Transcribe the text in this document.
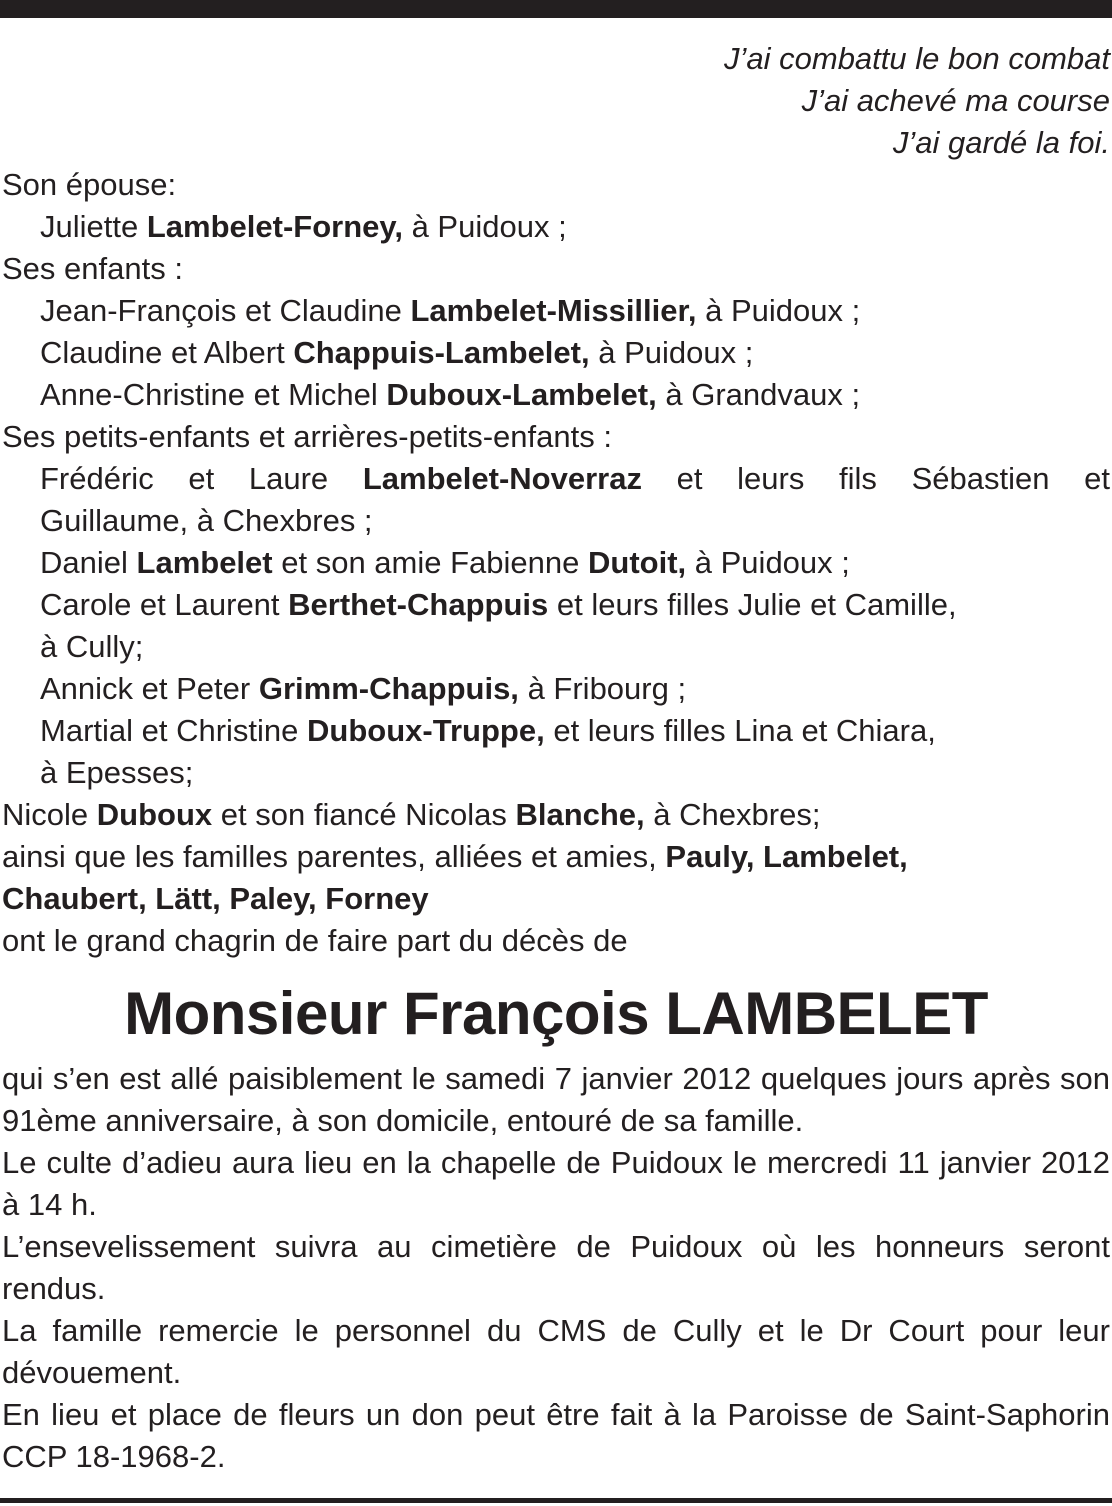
J’ai combattu le bon combat

J’ai achevé ma course

J’ai gardé la foi.

Son épouse:

Juliette Lambelet-Forney, à Puidoux ;

Ses enfants :

Jean-François et Claudine Lambelet-Missillier, à Puidoux ;

Claudine et Albert Chappuis-Lambelet, à Puidoux ;

Anne-Christine et Michel Duboux-Lambelet, à Grandvaux ;

Ses petits-enfants et arrières-petits-enfants :

Frédéric et Laure Lambelet-Noverraz et leurs fils Sébastien et

Guillaume, à Chexbres ;

Daniel Lambelet et son amie Fabienne Dutoit, à Puidoux ;

Carole et Laurent Berthet-Chappuis et leurs filles Julie et Camille,

à Cully;

Annick et Peter Grimm-Chappuis, à Fribourg ;

Martial et Christine Duboux-Truppe, et leurs filles Lina et Chiara,

à Epesses;

Nicole Duboux et son fiancé Nicolas Blanche, à Chexbres;

ainsi que les familles parentes, alliées et amies, Pauly, Lambelet,

Chaubert, Lätt, Paley, Forney

ont le grand chagrin de faire part du décès de

Monsieur François LAMBELET

qui s’en est allé paisiblement le samedi 7 janvier 2012 quelques jours après son 91ème anniversaire, à son domicile, entouré de sa famille.

Le culte d’adieu aura lieu en la chapelle de Puidoux le mercredi 11 janvier 2012 à 14 h.

L’ensevelissement suivra au cimetière de Puidoux où les honneurs seront rendus.

La famille remercie le personnel du CMS de Cully et le Dr Court pour leur dévouement.

En lieu et place de fleurs un don peut être fait à la Paroisse de Saint-Saphorin CCP 18-1968-2.
